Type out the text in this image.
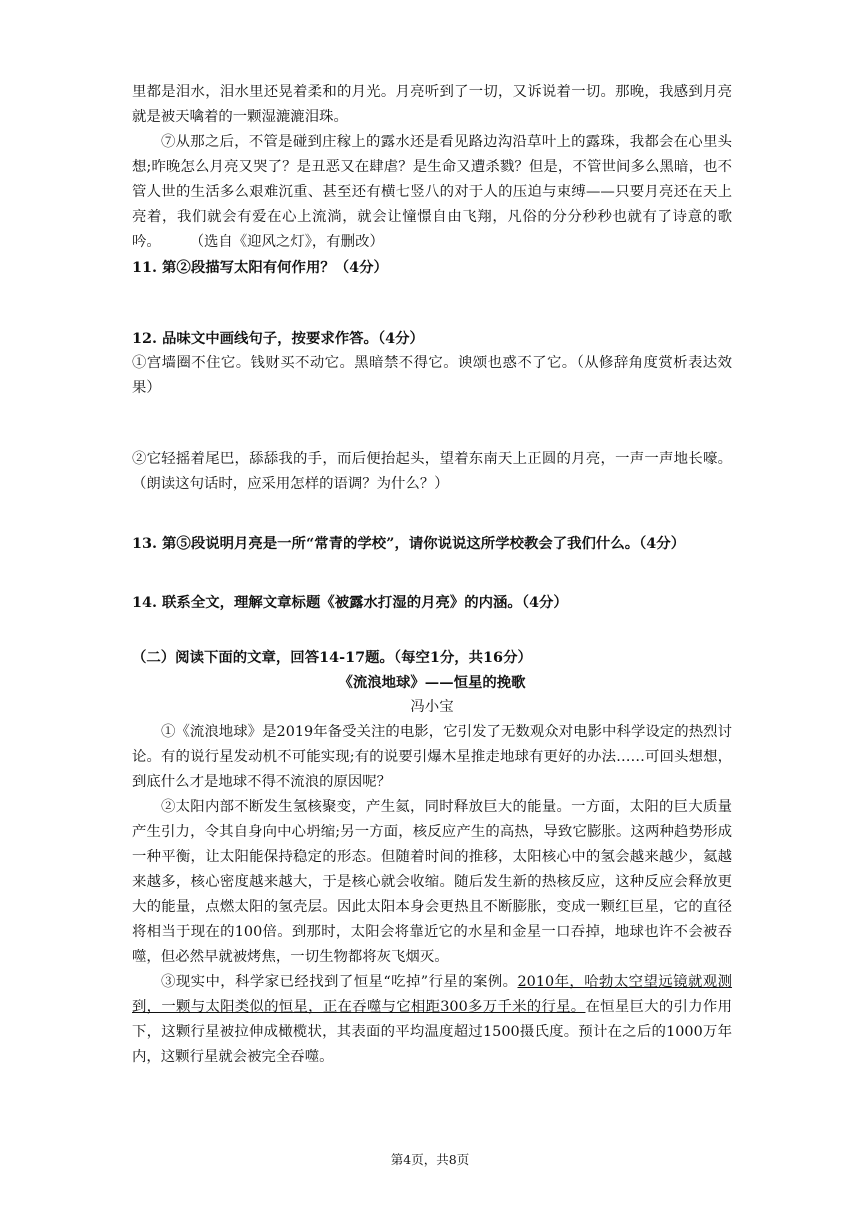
里都是泪水，泪水里还晃着柔和的月光。月亮听到了一切，又诉说着一切。那晚，我感到月亮就是被天噙着的一颗湿漉漉泪珠。

⑦从那之后，不管是碰到庄稼上的露水还是看见路边沟沿草叶上的露珠，我都会在心里头想;昨晚怎么月亮又哭了？是丑恶又在肆虐？是生命又遭杀戮？但是，不管世间多么黑暗，也不管人世的生活多么艰难沉重、甚至还有横七竖八的对于人的压迫与束缚——只要月亮还在天上亮着，我们就会有爱在心上流淌，就会让憧憬自由飞翔，凡俗的分分秒秒也就有了诗意的歌吟。   （选自《迎风之灯》，有删改）

11. 第②段描写太阳有何作用？（4分）

12. 品味文中画线句子，按要求作答。（4分）

①宫墙圈不住它。钱财买不动它。黑暗禁不得它。谀颂也惑不了它。（从修辞角度赏析表达效果）

②它轻摇着尾巴，舔舔我的手，而后便抬起头，望着东南天上正圆的月亮，一声一声地长嚎。（朗读这句话时，应采用怎样的语调？为什么？）

13. 第⑤段说明月亮是一所“常青的学校”，请你说说这所学校教会了我们什么。（4分）

14. 联系全文，理解文章标题《被露水打湿的月亮》的内涵。（4分）

（二）阅读下面的文章，回答14-17题。（每空1分，共16分）

《流浪地球》——恒星的挽歌

冯小宝

①《流浪地球》是2019年备受关注的电影，它引发了无数观众对电影中科学设定的热烈讨论。有的说行星发动机不可能实现;有的说要引爆木星推走地球有更好的办法……可回头想想，到底什么才是地球不得不流浪的原因呢？

②太阳内部不断发生氢核聚变，产生氦，同时释放巨大的能量。一方面，太阳的巨大质量产生引力，令其自身向中心坍缩;另一方面，核反应产生的高热，导致它膨胀。这两种趋势形成一种平衡，让太阳能保持稳定的形态。但随着时间的推移，太阳核心中的氢会越来越少，氦越来越多，核心密度越来越大，于是核心就会收缩。随后发生新的热核反应，这种反应会释放更大的能量，点燃太阳的氢壳层。因此太阳本身会更热且不断膨胀，变成一颗红巨星，它的直径将相当于现在的100倍。到那时，太阳会将靠近它的水星和金星一口吞掉，地球也许不会被吞噬，但必然早就被烤焦，一切生物都将灰飞烟灭。

③现实中，科学家已经找到了恒星“吃掉”行星的案例。2010年，哈勃太空望远镜就观测到，一颗与太阳类似的恒星，正在吞噬与它相距300多万千米的行星。在恒星巨大的引力作用下，这颗行星被拉伸成橄榄状，其表面的平均温度超过1500摄氏度。预计在之后的1000万年内，这颗行星就会被完全吞噬。

第4页，共8页
